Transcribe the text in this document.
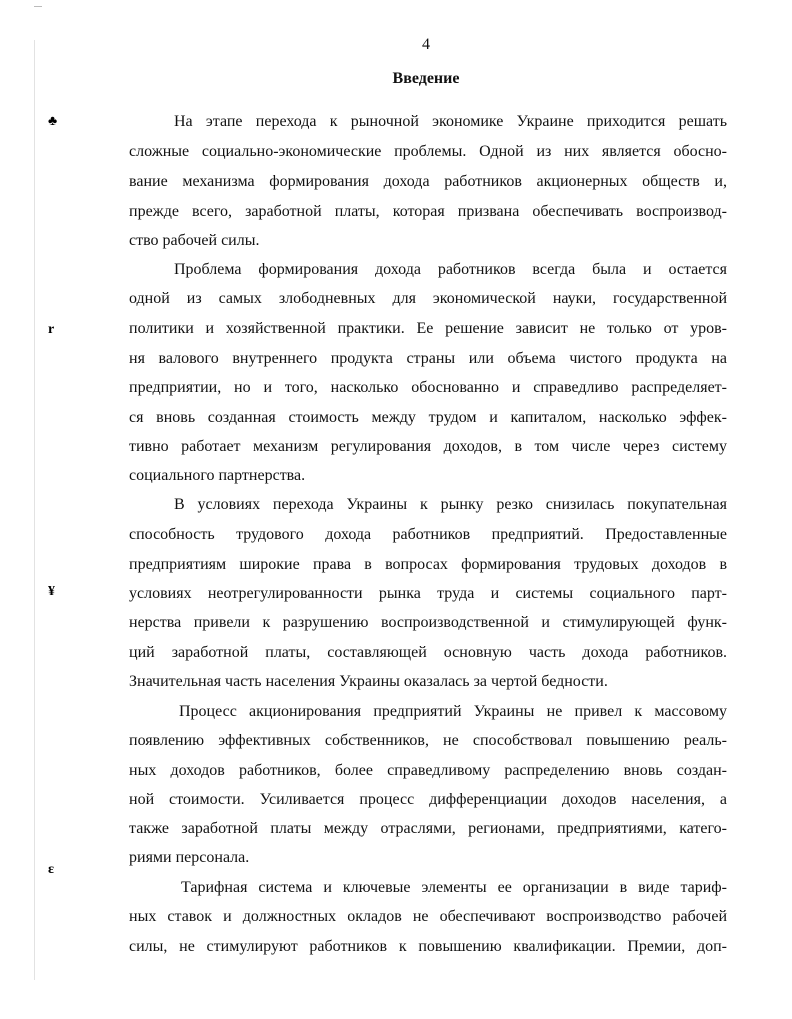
4
Введение
♣
r
¥
ɛ
На этапе перехода к рыночной экономике Украине приходится решать
сложные социально-экономические проблемы. Одной из них является обосно-
вание механизма формирования дохода работников акционерных обществ и,
прежде всего, заработной платы, которая призвана обеспечивать воспроизвод-
ство рабочей силы.
Проблема формирования дохода работников всегда была и остается
одной из самых злободневных для экономической науки, государственной
политики и хозяйственной практики. Ее решение зависит не только от уров-
ня валового внутреннего продукта страны или объема чистого продукта на
предприятии, но и того, насколько обоснованно и справедливо распределяет-
ся вновь созданная стоимость между трудом и капиталом, насколько эффек-
тивно работает механизм регулирования доходов, в том числе через систему
социального партнерства.
В условиях перехода Украины к рынку резко снизилась покупательная
способность трудового дохода работников предприятий. Предоставленные
предприятиям широкие права в вопросах формирования трудовых доходов в
условиях неотрегулированности рынка труда и системы социального парт-
нерства привели к разрушению воспроизводственной и стимулирующей функ-
ций заработной платы, составляющей основную часть дохода работников.
Значительная часть населения Украины оказалась за чертой бедности.
Процесс акционирования предприятий Украины не привел к массовому
появлению эффективных собственников, не способствовал повышению реаль-
ных доходов работников, более справедливому распределению вновь создан-
ной стоимости. Усиливается процесс дифференциации доходов населения, а
также заработной платы между отраслями, регионами, предприятиями, катего-
риями персонала.
Тарифная система и ключевые элементы ее организации в виде тариф-
ных ставок и должностных окладов не обеспечивают воспроизводство рабочей
силы, не стимулируют работников к повышению квалификации. Премии, доп-
